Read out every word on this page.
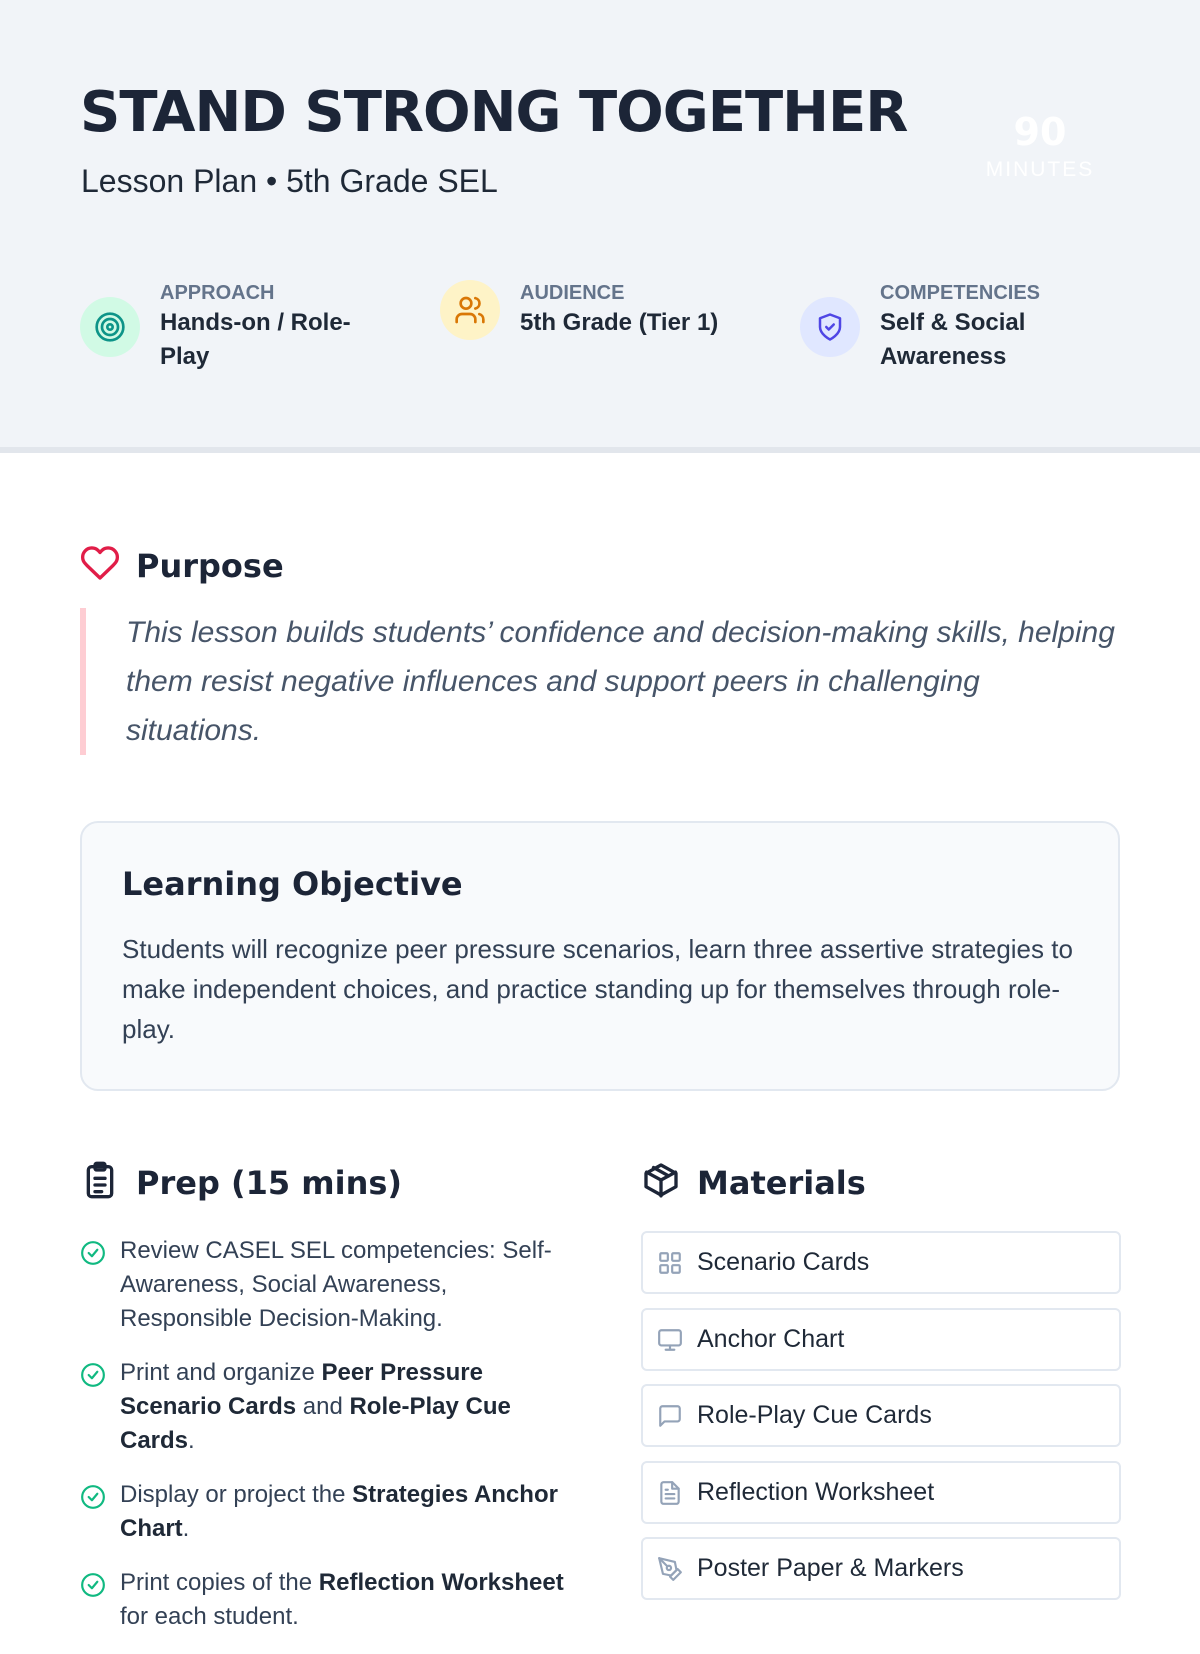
STAND STRONG TOGETHER
Lesson Plan • 5th Grade SEL
90
MINUTES
APPROACH
Hands-on / Role-Play
AUDIENCE
5th Grade (Tier 1)
COMPETENCIES
Self & Social Awareness
Purpose
This lesson builds students’ confidence and decision-making skills, helping them resist negative influences and support peers in challenging situations.
Learning Objective

Students will recognize peer pressure scenarios, learn three assertive strategies to make independent choices, and practice standing up for themselves through role-play.

Prep (15 mins)
Review CASEL SEL competencies: Self-Awareness, Social Awareness, Responsible Decision-Making.
Print and organize Peer Pressure Scenario Cards and Role-Play Cue Cards.
Display or project the Strategies Anchor Chart.
Print copies of the Reflection Worksheet for each student.
Materials
Scenario Cards
Anchor Chart
Role-Play Cue Cards
Reflection Worksheet
Poster Paper & Markers
